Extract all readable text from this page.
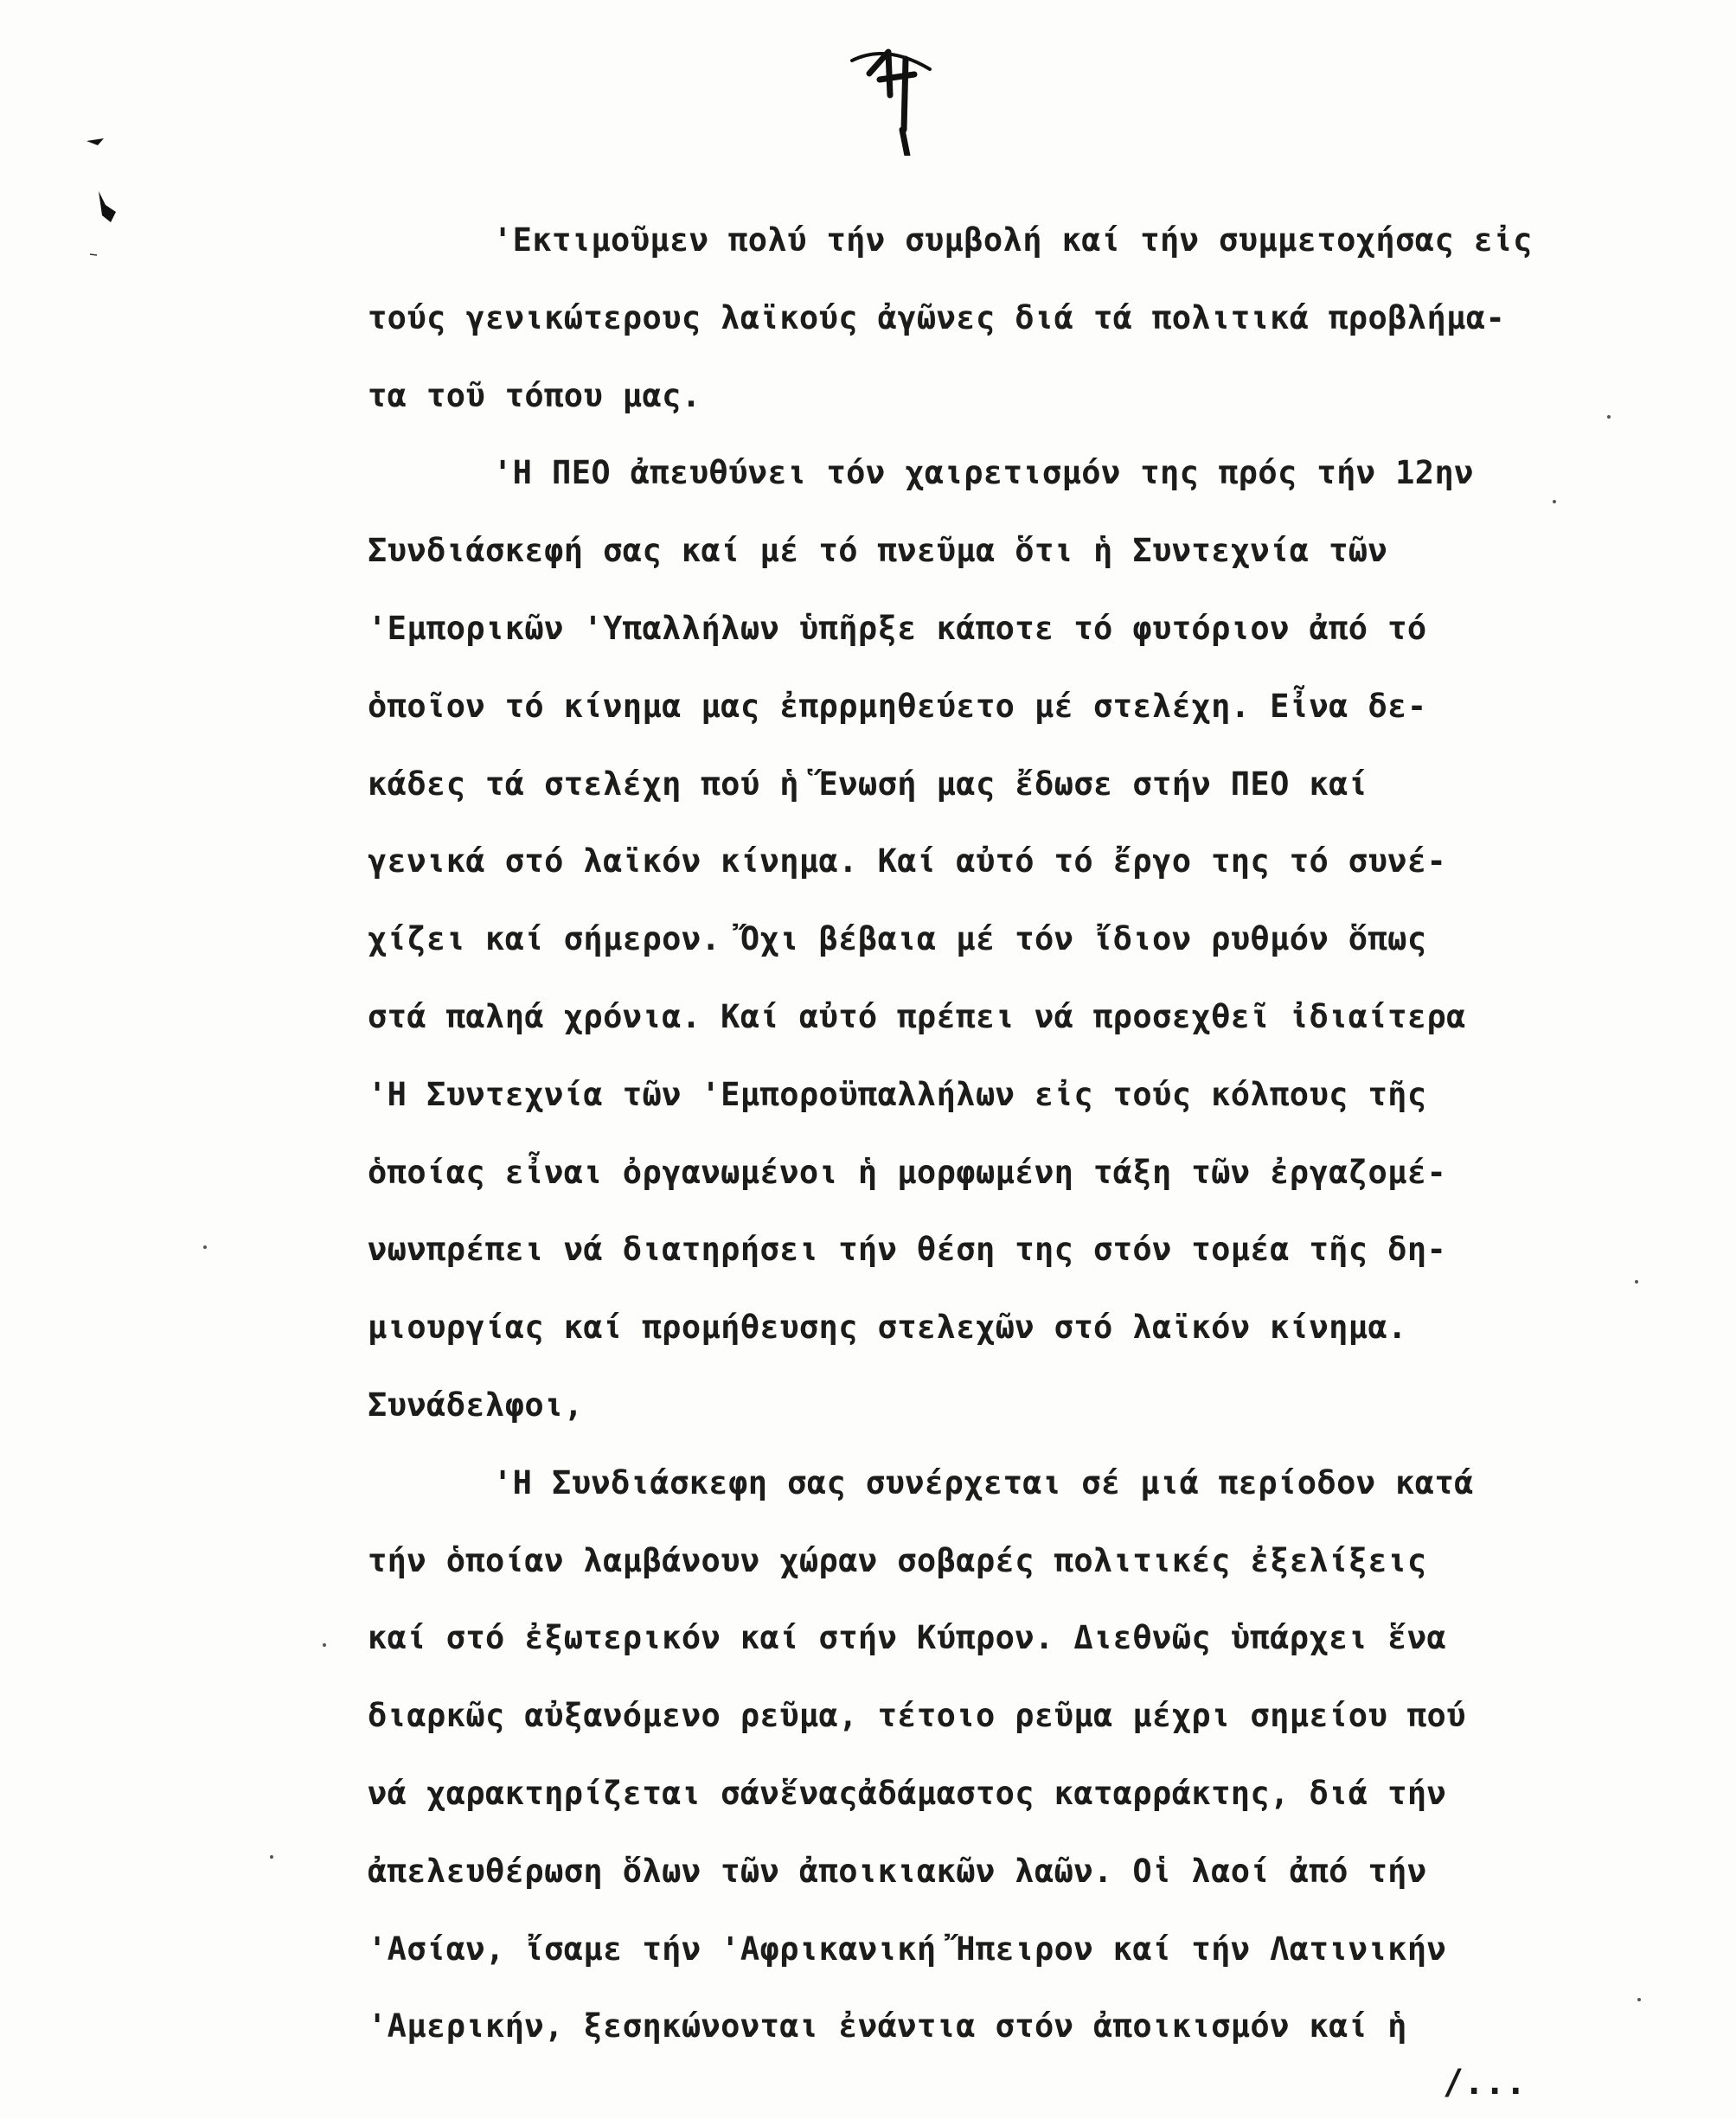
'Εκτιμοῦμεν πολύ τήν συμβολή καί τήν συμμετοχήσας εἰς
τούς γενικώτερους λαϊκούς ἀγῶνες διά τά πολιτικά προβλήμα-
τα τοῦ τόπου μας.
'Η ΠΕΟ ἀπευθύνει τόν χαιρετισμόν της πρός τήν 12ην
Συνδιάσκεφή σας καί μέ τό πνεῦμα ὅτι ἡ Συντεχνία τῶν
'Εμπορικῶν 'Υπαλλήλων ὑπῆρξε κάποτε τό φυτόριον ἀπό τό
ὁποῖον τό κίνημα μας ἐπρρμηθεύετο μέ στελέχη. Εἶνα δε-
κάδες τά στελέχη πού ἡ Ἕνωσή μας ἔδωσε στήν ΠΕΟ καί
γενικά στό λαϊκόν κίνημα. Καί αὐτό τό ἔργο της τό συνέ-
χίζει καί σήμερον. Ὄχι βέβαια μέ τόν ἴδιον ρυθμόν ὅπως
στά παληά χρόνια. Καί αὐτό πρέπει νά προσεχθεῖ ἰδιαίτερα
'Η Συντεχνία τῶν 'Εμποροϋπαλλήλων εἰς τούς κόλπους τῆς
ὁποίας εἶναι ὀργανωμένοι ἡ μορφωμένη τάξη τῶν ἐργαζομέ-
νωνπρέπει νά διατηρήσει τήν θέση της στόν τομέα τῆς δη-
μιουργίας καί προμήθευσης στελεχῶν στό λαϊκόν κίνημα.
Συνάδελφοι,
'Η Συνδιάσκεφη σας συνέρχεται σέ μιά περίοδον κατά
τήν ὁποίαν λαμβάνουν χώραν σοβαρές πολιτικές ἐξελίξεις
καί στό ἐξωτερικόν καί στήν Κύπρον. Διεθνῶς ὑπάρχει ἕνα
διαρκῶς αὐξανόμενο ρεῦμα, τέτοιο ρεῦμα μέχρι σημείου πού
νά χαρακτηρίζεται σάνἕναςἀδάμαστος καταρράκτης, διά τήν
ἀπελευθέρωση ὅλων τῶν ἀποικιακῶν λαῶν. Οἱ λαοί ἀπό τήν
'Ασίαν, ἴσαμε τήν 'Αφρικανική Ἤπειρον καί τήν Λατινικήν
'Αμερικήν, ξεσηκώνονται ἐνάντια στόν ἀποικισμόν καί ἡ
/...
